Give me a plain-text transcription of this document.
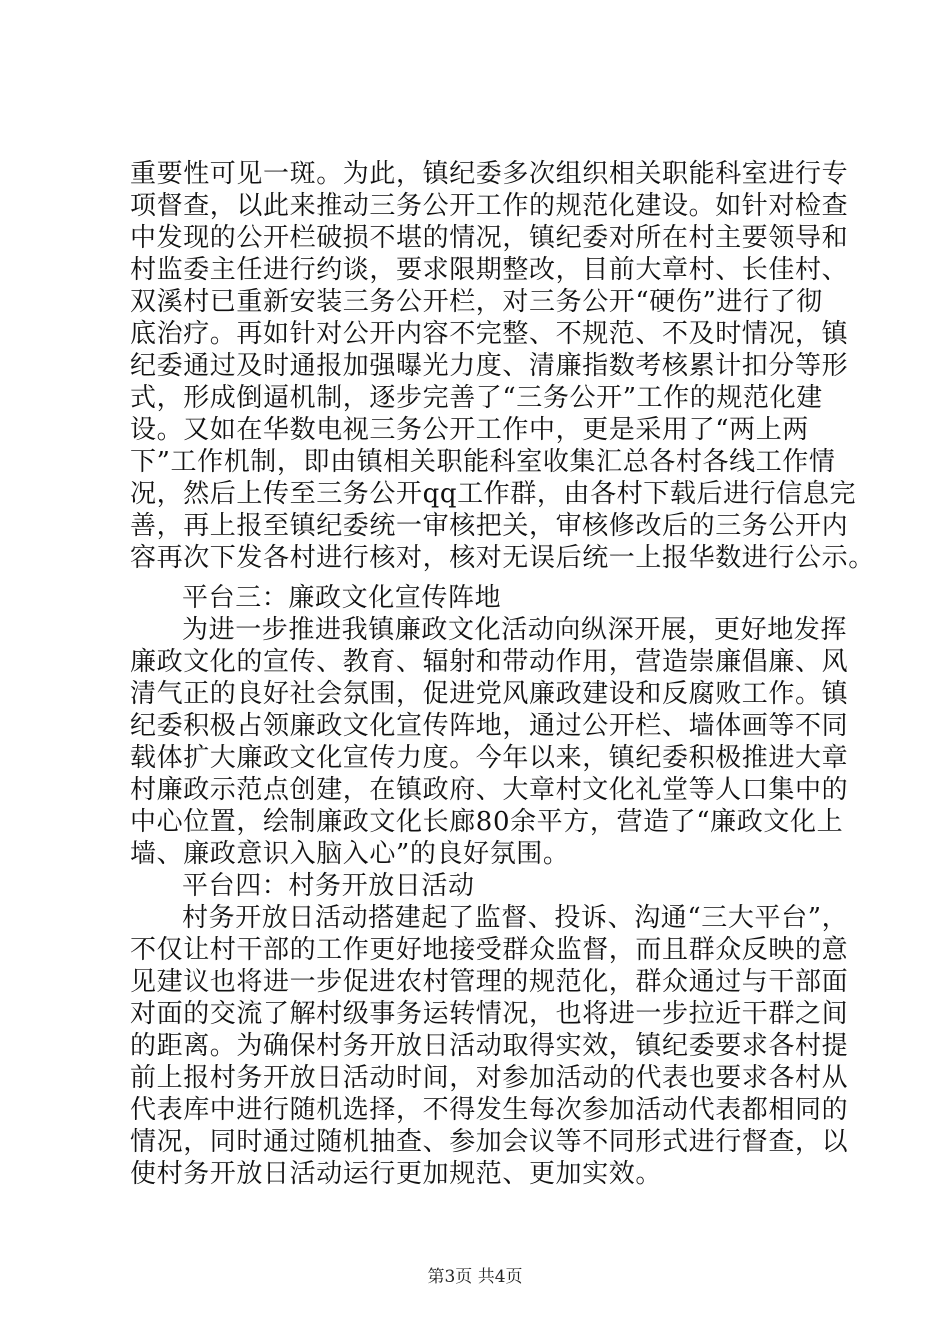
重要性可见一斑。为此，镇纪委多次组织相关职能科室进行专
项督查，以此来推动三务公开工作的规范化建设。如针对检查
中发现的公开栏破损不堪的情况，镇纪委对所在村主要领导和
村监委主任进行约谈，要求限期整改，目前大章村、长佳村、
双溪村已重新安装三务公开栏，对三务公开“硬伤”进行了彻
底治疗。再如针对公开内容不完整、不规范、不及时情况，镇
纪委通过及时通报加强曝光力度、清廉指数考核累计扣分等形
式，形成倒逼机制，逐步完善了“三务公开”工作的规范化建
设。又如在华数电视三务公开工作中，更是采用了“两上两
下”工作机制，即由镇相关职能科室收集汇总各村各线工作情
况，然后上传至三务公开qq工作群，由各村下载后进行信息完
善，再上报至镇纪委统一审核把关，审核修改后的三务公开内
容再次下发各村进行核对，核对无误后统一上报华数进行公示。
平台三：廉政文化宣传阵地
为进一步推进我镇廉政文化活动向纵深开展，更好地发挥
廉政文化的宣传、教育、辐射和带动作用，营造崇廉倡廉、风
清气正的良好社会氛围，促进党风廉政建设和反腐败工作。镇
纪委积极占领廉政文化宣传阵地，通过公开栏、墙体画等不同
载体扩大廉政文化宣传力度。今年以来，镇纪委积极推进大章
村廉政示范点创建，在镇政府、大章村文化礼堂等人口集中的
中心位置，绘制廉政文化长廊80余平方，营造了“廉政文化上
墙、廉政意识入脑入心”的良好氛围。
平台四：村务开放日活动
村务开放日活动搭建起了监督、投诉、沟通“三大平台”，
不仅让村干部的工作更好地接受群众监督，而且群众反映的意
见建议也将进一步促进农村管理的规范化，群众通过与干部面
对面的交流了解村级事务运转情况，也将进一步拉近干群之间
的距离。为确保村务开放日活动取得实效，镇纪委要求各村提
前上报村务开放日活动时间，对参加活动的代表也要求各村从
代表库中进行随机选择，不得发生每次参加活动代表都相同的
情况，同时通过随机抽查、参加会议等不同形式进行督查，以
使村务开放日活动运行更加规范、更加实效。
第3页 共4页
